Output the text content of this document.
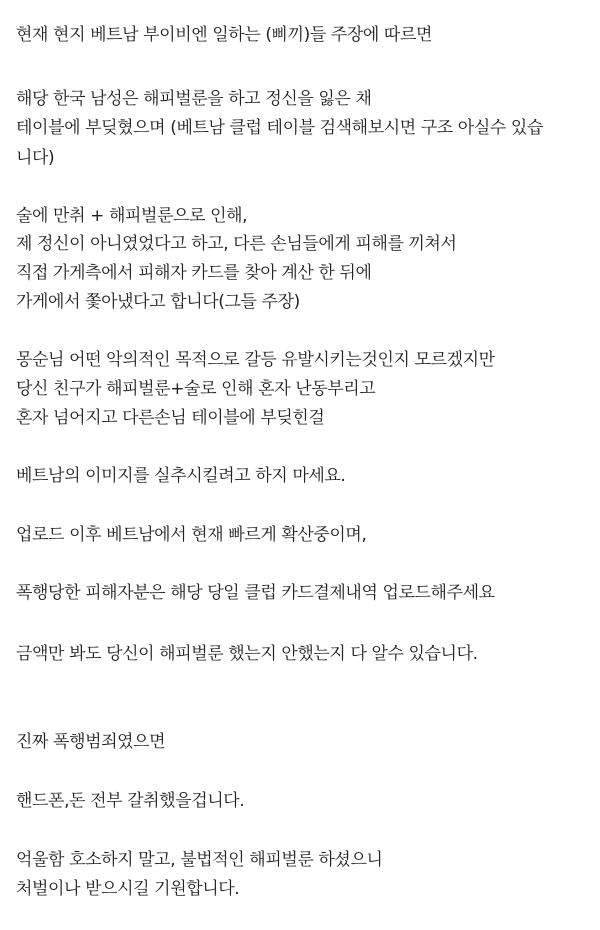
현재 현지 베트남 부이비엔 일하는 (삐끼)들 주장에 따르면
해당 한국 남성은 해피벌룬을 하고 정신을 잃은 채
테이블에 부딪혔으며 (베트남 클럽 테이블 검색해보시면 구조 아실수 있습
니다)
술에 만취 + 해피벌룬으로 인해,
제 정신이 아니였었다고 하고, 다른 손님들에게 피해를 끼쳐서
직접 가게측에서 피해자 카드를 찾아 계산 한 뒤에
가게에서 쫓아냈다고 합니다(그들 주장)
몽순님 어떤 악의적인 목적으로 갈등 유발시키는것인지 모르겠지만
당신 친구가 해피벌룬+술로 인해 혼자 난동부리고
혼자 넘어지고 다른손님 테이블에 부딪힌걸
베트남의 이미지를 실추시킬려고 하지 마세요.
업로드 이후 베트남에서 현재 빠르게 확산중이며,
폭행당한 피해자분은 해당 당일 클럽 카드결제내역 업로드해주세요
금액만 봐도 당신이 해피벌룬 했는지 안했는지 다 알수 있습니다.
진짜 폭행범죄였으면
핸드폰,돈 전부 갈취했을겁니다.
억울함 호소하지 말고, 불법적인 해피벌룬 하셨으니
처벌이나 받으시길 기원합니다.
